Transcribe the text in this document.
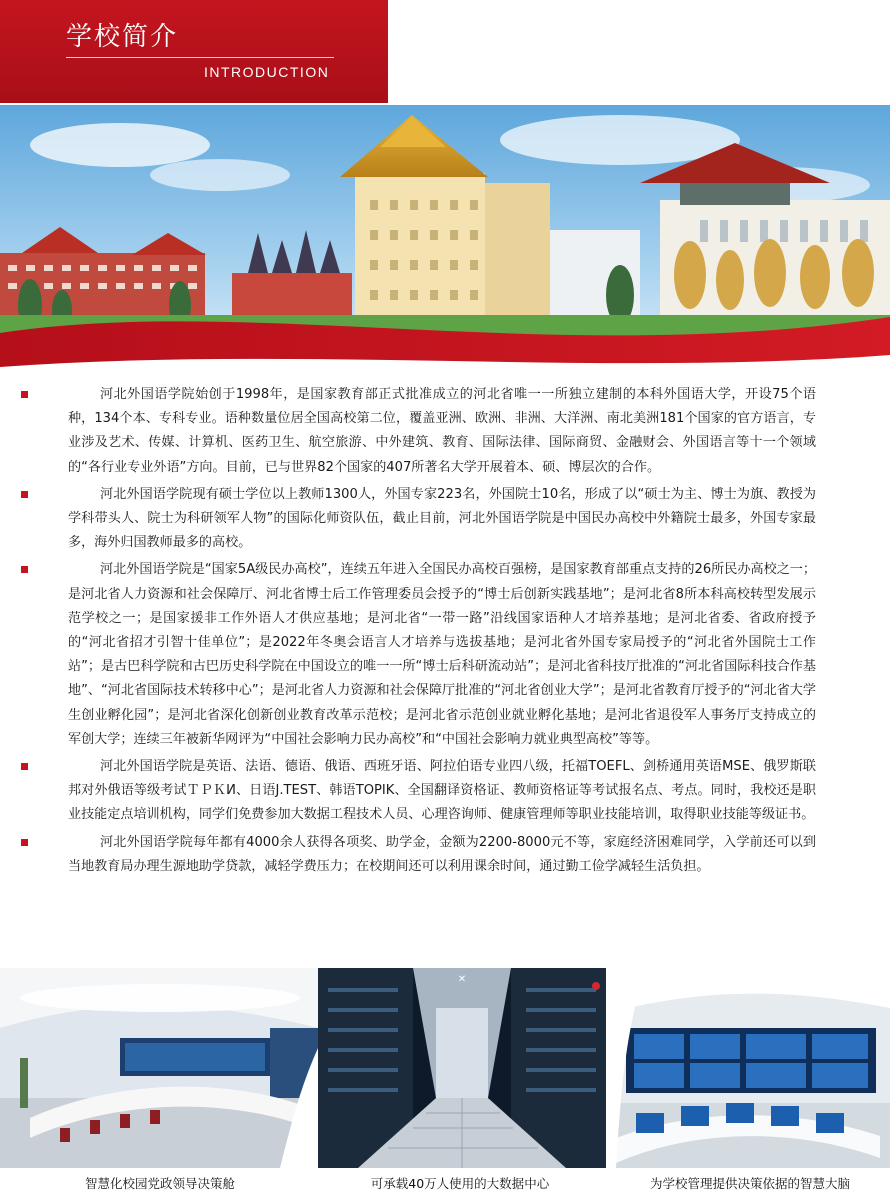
学校简介
INTRODUCTION

河北外国语学院始创于1998年，是国家教育部正式批准成立的河北省唯一一所独立建制的本科外国语大学，开设75个语种，134个本、专科专业。语种数量位居全国高校第二位，覆盖亚洲、欧洲、非洲、大洋洲、南北美洲181个国家的官方语言，专业涉及艺术、传媒、计算机、医药卫生、航空旅游、中外建筑、教育、国际法律、国际商贸、金融财会、外国语言等十一个领域的“各行业专业外语”方向。目前，已与世界82个国家的407所著名大学开展着本、硕、博层次的合作。

河北外国语学院现有硕士学位以上教师1300人，外国专家223名，外国院士10名，形成了以“硕士为主、博士为旗、教授为学科带头人、院士为科研领军人物”的国际化师资队伍，截止目前，河北外国语学院是中国民办高校中外籍院士最多，外国专家最多，海外归国教师最多的高校。

河北外国语学院是“国家5A级民办高校”，连续五年进入全国民办高校百强榜，是国家教育部重点支持的26所民办高校之一；是河北省人力资源和社会保障厅、河北省博士后工作管理委员会授予的“博士后创新实践基地”；是河北省8所本科高校转型发展示范学校之一；是国家援非工作外语人才供应基地；是河北省“一带一路”沿线国家语种人才培养基地；是河北省委、省政府授予的“河北省招才引智十佳单位”；是2022年冬奥会语言人才培养与选拔基地；是河北省外国专家局授予的“河北省外国院士工作站”；是古巴科学院和古巴历史科学院在中国设立的唯一一所“博士后科研流动站”；是河北省科技厅批准的“河北省国际科技合作基地”、“河北省国际技术转移中心”；是河北省人力资源和社会保障厅批准的“河北省创业大学”；是河北省教育厅授予的“河北省大学生创业孵化园”；是河北省深化创新创业教育改革示范校；是河北省示范创业就业孵化基地；是河北省退役军人事务厅支持成立的军创大学；连续三年被新华网评为“中国社会影响力民办高校”和“中国社会影响力就业典型高校”等等。

河北外国语学院是英语、法语、德语、俄语、西班牙语、阿拉伯语专业四八级，托福TOEFL、剑桥通用英语MSE、俄罗斯联邦对外俄语等级考试ＴＰＫИ、日语J.TEST、韩语TOPIK、全国翻译资格证、教师资格证等考试报名点、考点。同时，我校还是职业技能定点培训机构，同学们免费参加大数据工程技术人员、心理咨询师、健康管理师等职业技能培训，取得职业技能等级证书。

河北外国语学院每年都有4000余人获得各项奖、助学金，金额为2200-8000元不等，家庭经济困难同学，入学前还可以到当地教育局办理生源地助学贷款，减轻学费压力；在校期间还可以利用课余时间，通过勤工俭学减轻生活负担。

智慧化校园党政领导决策舱
✕
可承载40万人使用的大数据中心	为学校管理提供决策依据的智慧大脑
